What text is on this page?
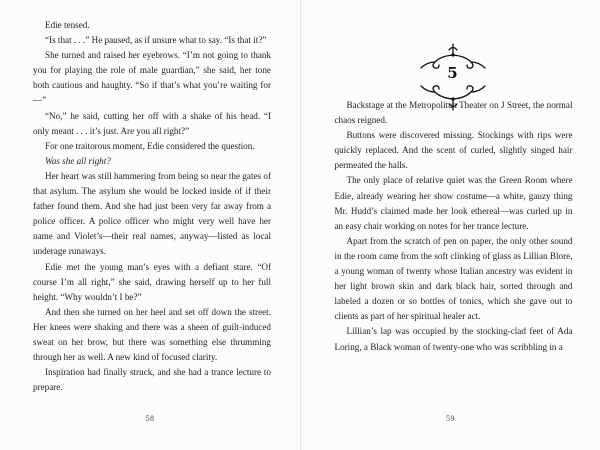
Edie tensed.

“Is that . . .” He paused, as if unsure what to say. “Is that it?”

She turned and raised her eyebrows. “I’m not going to thank you for playing the role of male guardian,” she said, her tone both cautious and haughty. “So if that’s what you’re waiting for—”

“No,” he said, cutting her off with a shake of his head. “I only meant . . . it’s just. Are you all right?”

For one traitorous moment, Edie considered the question.

Was she all right?

Her heart was still hammering from being so near the gates of that asylum. The asylum she would be locked inside of if their father found them. And she had just been very far away from a police officer. A police officer who might very well have her name and Violet’s—their real names, anyway—listed as local underage runaways.

Edie met the young man’s eyes with a defiant stare. “Of course I’m all right,” she said, drawing herself up to her full height. “Why wouldn’t I be?”

And then she turned on her heel and set off down the street. Her knees were shaking and there was a sheen of guilt-induced sweat on her brow, but there was something else thrumming through her as well. A new kind of focused clarity.

Inspiration had finally struck, and she had a trance lecture to prepare.

58
5

Backstage at the Metropolitan Theater on J Street, the normal chaos reigned.

Buttons were discovered missing. Stockings with rips were quickly replaced. And the scent of curled, slightly singed hair permeated the halls.

The only place of relative quiet was the Green Room where Edie, already wearing her show costume—a white, gauzy thing Mr. Hudd’s claimed made her look ethereal—was curled up in an easy chair working on notes for her trance lecture.

Apart from the scratch of pen on paper, the only other sound in the room came from the soft clinking of glass as Lillian Blore, a young woman of twenty whose Italian ancestry was evident in her light brown skin and dark black hair, sorted through and labeled a dozen or so bottles of tonics, which she gave out to clients as part of her spiritual healer act.

Lillian’s lap was occupied by the stocking-clad feet of Ada Loring, a Black woman of twenty-one who was scribbling in a

59
